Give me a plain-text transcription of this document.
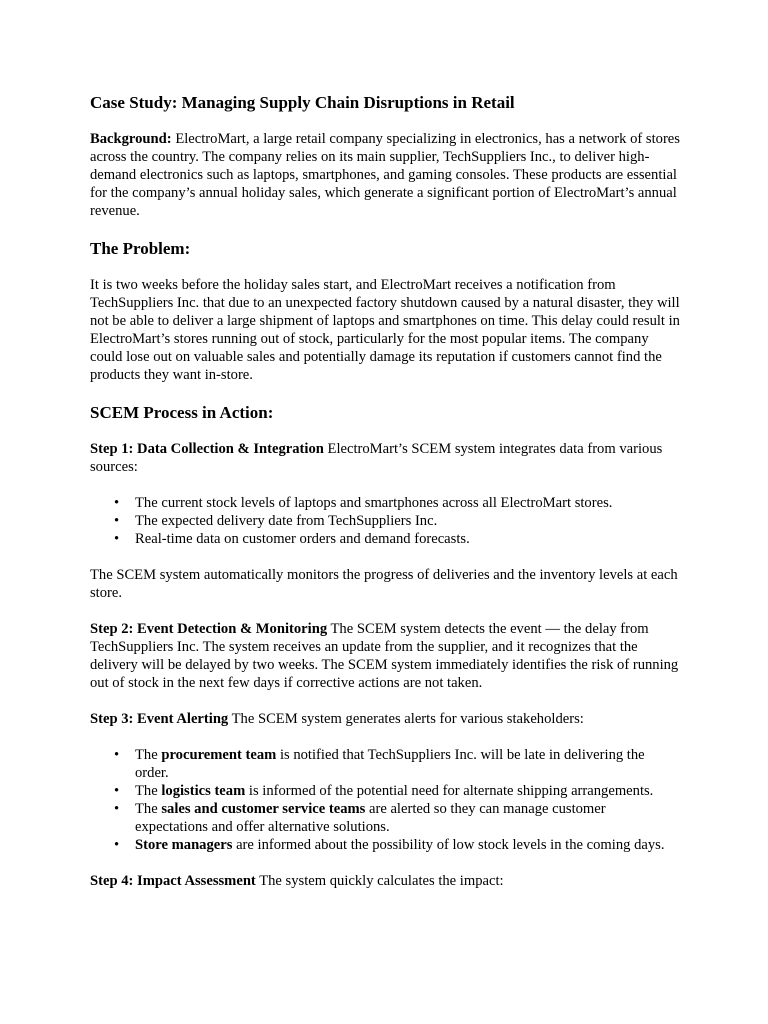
Case Study: Managing Supply Chain Disruptions in Retail

Background: ElectroMart, a large retail company specializing in electronics, has a network of stores across the country. The company relies on its main supplier, TechSuppliers Inc., to deliver high-demand electronics such as laptops, smartphones, and gaming consoles. These products are essential for the company’s annual holiday sales, which generate a significant portion of ElectroMart’s annual revenue.

The Problem:

It is two weeks before the holiday sales start, and ElectroMart receives a notification from TechSuppliers Inc. that due to an unexpected factory shutdown caused by a natural disaster, they will not be able to deliver a large shipment of laptops and smartphones on time. This delay could result in ElectroMart’s stores running out of stock, particularly for the most popular items. The company could lose out on valuable sales and potentially damage its reputation if customers cannot find the products they want in-store.

SCEM Process in Action:

Step 1: Data Collection & Integration ElectroMart’s SCEM system integrates data from various sources:

• The current stock levels of laptops and smartphones across all ElectroMart stores.
• The expected delivery date from TechSuppliers Inc.
• Real-time data on customer orders and demand forecasts.

The SCEM system automatically monitors the progress of deliveries and the inventory levels at each store.

Step 2: Event Detection & Monitoring The SCEM system detects the event — the delay from TechSuppliers Inc. The system receives an update from the supplier, and it recognizes that the delivery will be delayed by two weeks. The SCEM system immediately identifies the risk of running out of stock in the next few days if corrective actions are not taken.

Step 3: Event Alerting The SCEM system generates alerts for various stakeholders:

• The procurement team is notified that TechSuppliers Inc. will be late in delivering the order.
• The logistics team is informed of the potential need for alternate shipping arrangements.
• The sales and customer service teams are alerted so they can manage customer expectations and offer alternative solutions.
• Store managers are informed about the possibility of low stock levels in the coming days.

Step 4: Impact Assessment The system quickly calculates the impact:
